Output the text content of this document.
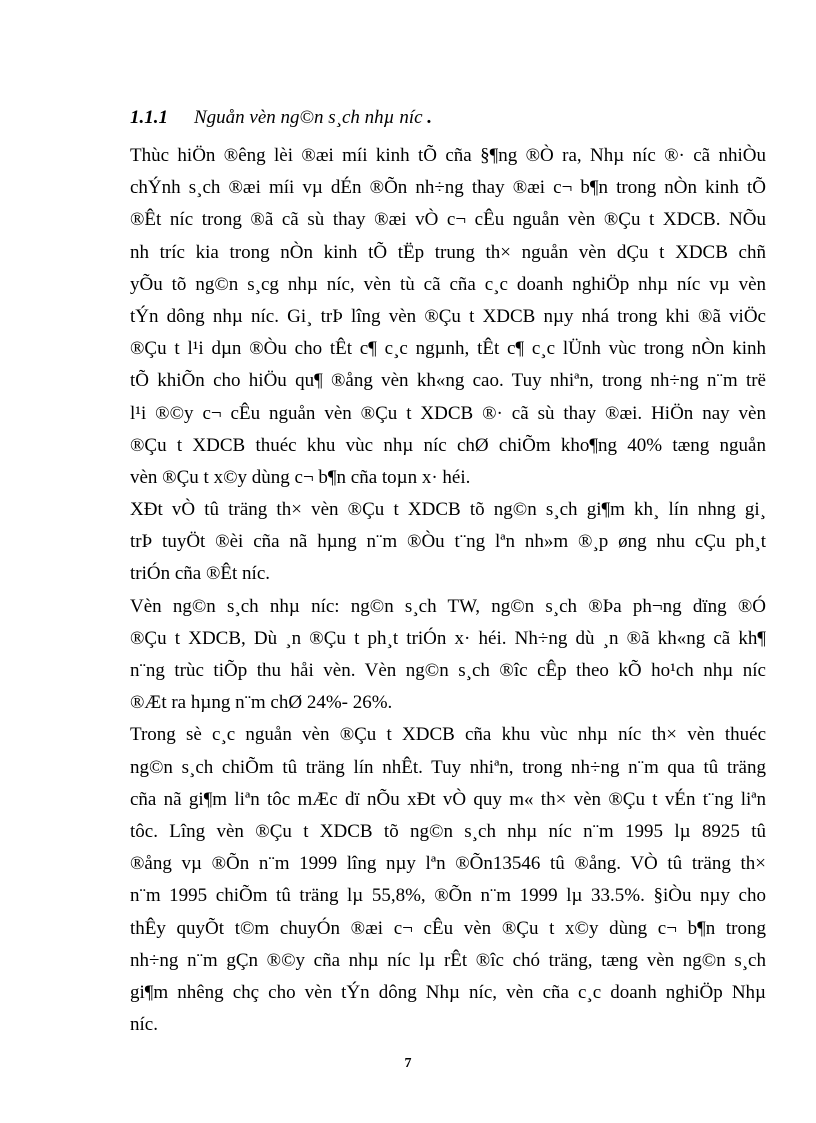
1.1.1 Nguån vèn ng©n s¸ch nhµ níc .
Thùc hiÖn ®êng lèi ®æi míi kinh tÕ cña §¶ng ®Ò ra, Nhµ níc ®· cã nhiÒu
chÝnh s¸ch ®æi míi vµ dÉn ®Õn nh÷ng thay ®æi c¬ b¶n trong nÒn kinh tÕ
®Êt níc trong ®ã cã sù thay ®æi vÒ c¬ cÊu nguån vèn ®Çu t XDCB. NÕu
nh tríc kia trong nÒn kinh tÕ tËp trung th× nguån vèn dÇu t XDCB chñ
yÕu tõ ng©n s¸cg nhµ níc, vèn tù cã cña c¸c doanh nghiÖp nhµ níc vµ vèn
tÝn dông nhµ níc. Gi¸ trÞ lîng vèn ®Çu t XDCB nµy nhá trong khi ®ã viÖc
®Çu t l¹i dµn ®Òu cho tÊt c¶ c¸c ngµnh, tÊt c¶ c¸c lÜnh vùc trong nÒn kinh
tÕ khiÕn cho hiÖu qu¶ ®ång vèn kh«ng cao. Tuy nhiªn, trong nh÷ng n¨m trë
l¹i ®©y c¬ cÊu nguån vèn ®Çu t XDCB ®· cã sù thay ®æi. HiÖn nay vèn
®Çu t XDCB thuéc khu vùc nhµ níc chØ chiÕm kho¶ng 40% tæng nguån
vèn ®Çu t x©y dùng c¬ b¶n cña toµn x· héi.
XÐt vÒ tû träng th× vèn ®Çu t XDCB tõ ng©n s¸ch gi¶m kh¸ lín nhng gi¸
trÞ tuyÖt ®èi cña nã hµng n¨m ®Òu t¨ng lªn nh»m ®¸p øng nhu cÇu ph¸t
triÓn cña ®Êt níc.
Vèn ng©n s¸ch nhµ níc: ng©n s¸ch TW, ng©n s¸ch ®Þa ph¬ng dïng ®Ó
®Çu t XDCB, Dù ¸n ®Çu t ph¸t triÓn x· héi. Nh÷ng dù ¸n ®ã kh«ng cã kh¶
n¨ng trùc tiÕp thu håi vèn. Vèn ng©n s¸ch ®îc cÊp theo kÕ ho¹ch nhµ níc
®Æt ra hµng n¨m chØ 24%- 26%.
Trong sè c¸c nguån vèn ®Çu t XDCB cña khu vùc nhµ níc th× vèn thuéc
ng©n s¸ch chiÕm tû träng lín nhÊt. Tuy nhiªn, trong nh÷ng n¨m qua tû träng
cña nã gi¶m liªn tôc mÆc dï nÕu xÐt vÒ quy m« th× vèn ®Çu t vÉn t¨ng liªn
tôc. Lîng vèn ®Çu t XDCB tõ ng©n s¸ch nhµ níc n¨m 1995 lµ 8925 tû
®ång vµ ®Õn n¨m 1999 lîng nµy lªn ®Õn13546 tû ®ång. VÒ tû träng th×
n¨m 1995 chiÕm tû träng lµ 55,8%, ®Õn n¨m 1999 lµ 33.5%. §iÒu nµy cho
thÊy quyÕt t©m chuyÓn ®æi c¬ cÊu vèn ®Çu t x©y dùng c¬ b¶n trong
nh÷ng n¨m gÇn ®©y cña nhµ níc lµ rÊt ®îc chó träng, tæng vèn ng©n s¸ch
gi¶m nhêng chç cho vèn tÝn dông Nhµ níc, vèn cña c¸c doanh nghiÖp Nhµ
níc.
7
